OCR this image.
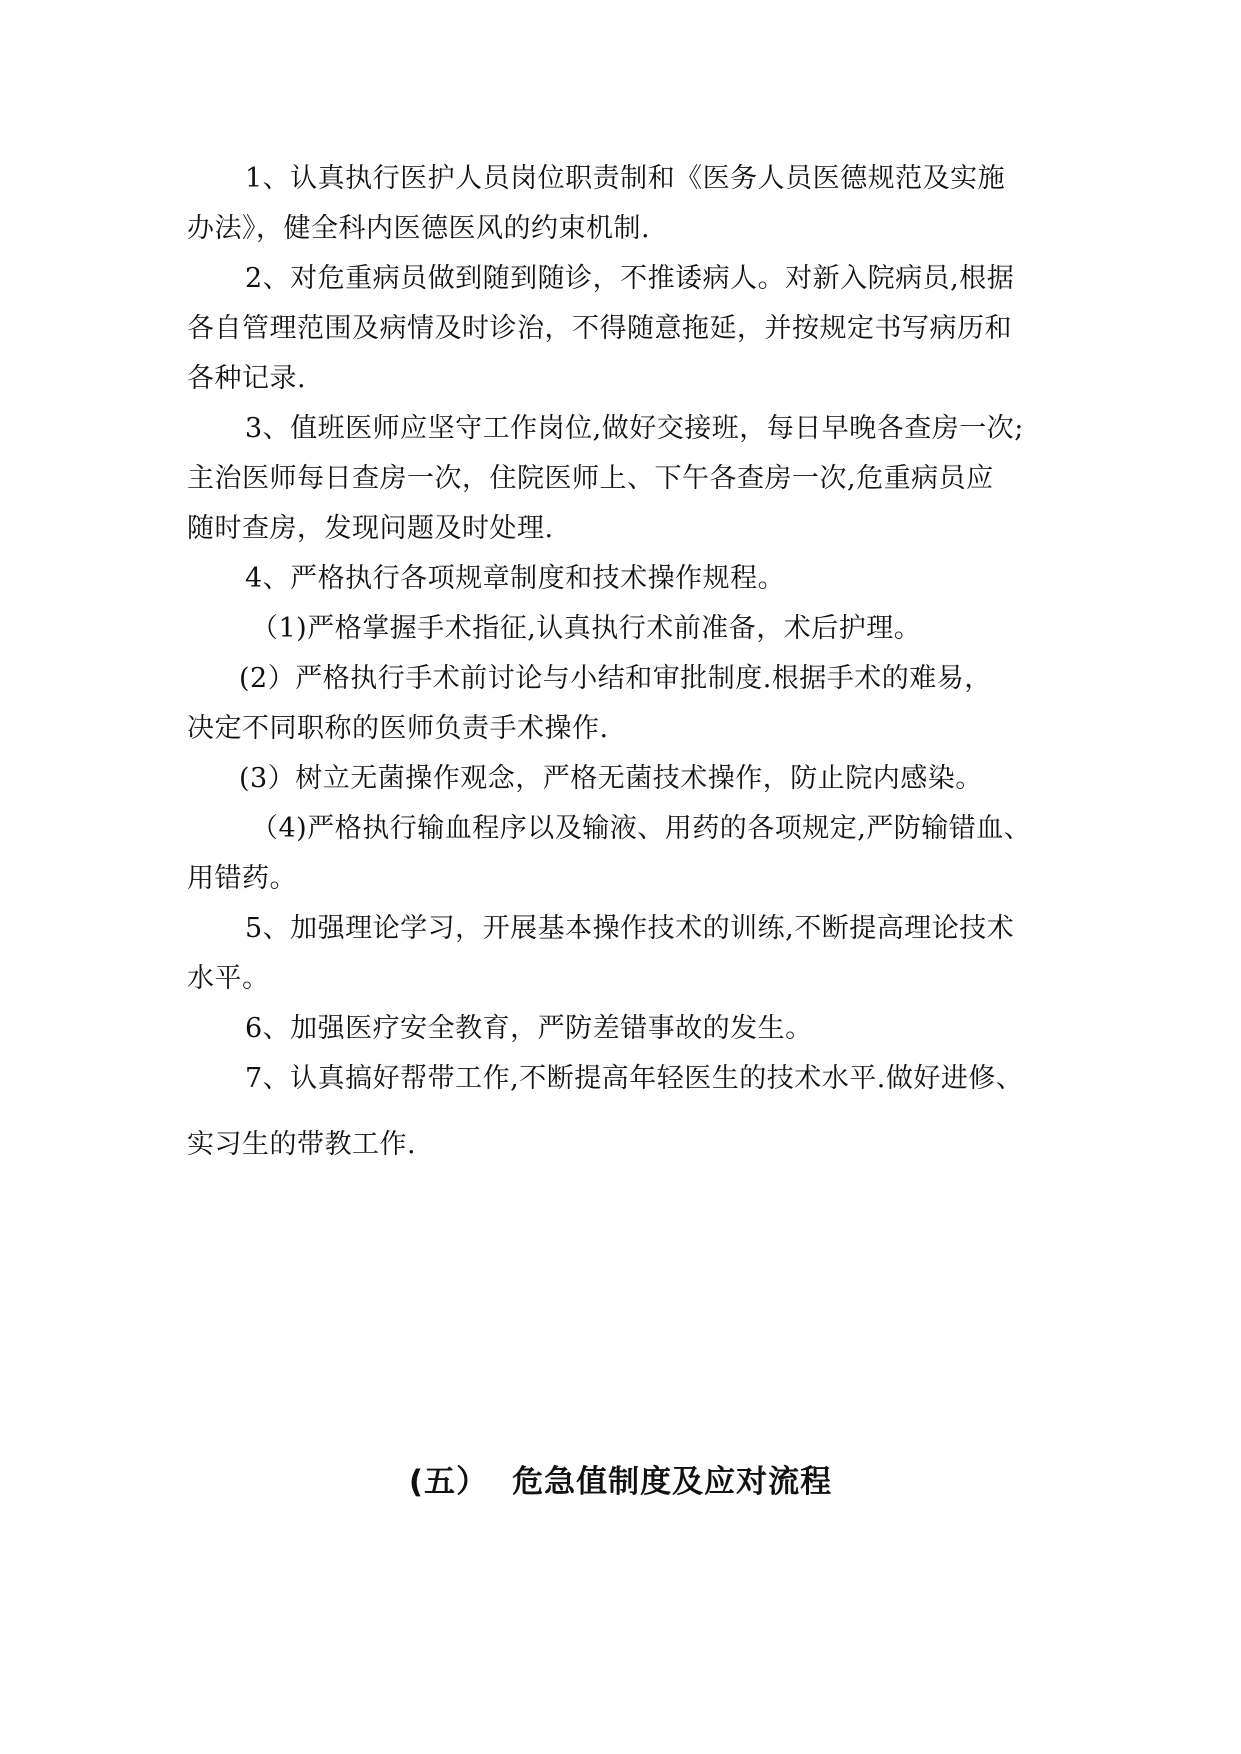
1、认真执行医护人员岗位职责制和《医务人员医德规范及实施
办法》，健全科内医德医风的约束机制.
2、对危重病员做到随到随诊，不推诿病人。对新入院病员,根据
各自管理范围及病情及时诊治，不得随意拖延，并按规定书写病历和
各种记录.
3、值班医师应坚守工作岗位,做好交接班，每日早晚各查房一次;
主治医师每日查房一次，住院医师上、下午各查房一次,危重病员应
随时查房，发现问题及时处理.
4、严格执行各项规章制度和技术操作规程。
（1)严格掌握手术指征,认真执行术前准备，术后护理。
(2）严格执行手术前讨论与小结和审批制度.根据手术的难易，
决定不同职称的医师负责手术操作.
(3）树立无菌操作观念，严格无菌技术操作，防止院内感染。
（4)严格执行输血程序以及输液、用药的各项规定,严防输错血、
用错药。
5、加强理论学习，开展基本操作技术的训练,不断提高理论技术
水平。
6、加强医疗安全教育，严防差错事故的发生。
7、认真搞好帮带工作,不断提高年轻医生的技术水平.做好进修、
实习生的带教工作.
(五） 危急值制度及应对流程
